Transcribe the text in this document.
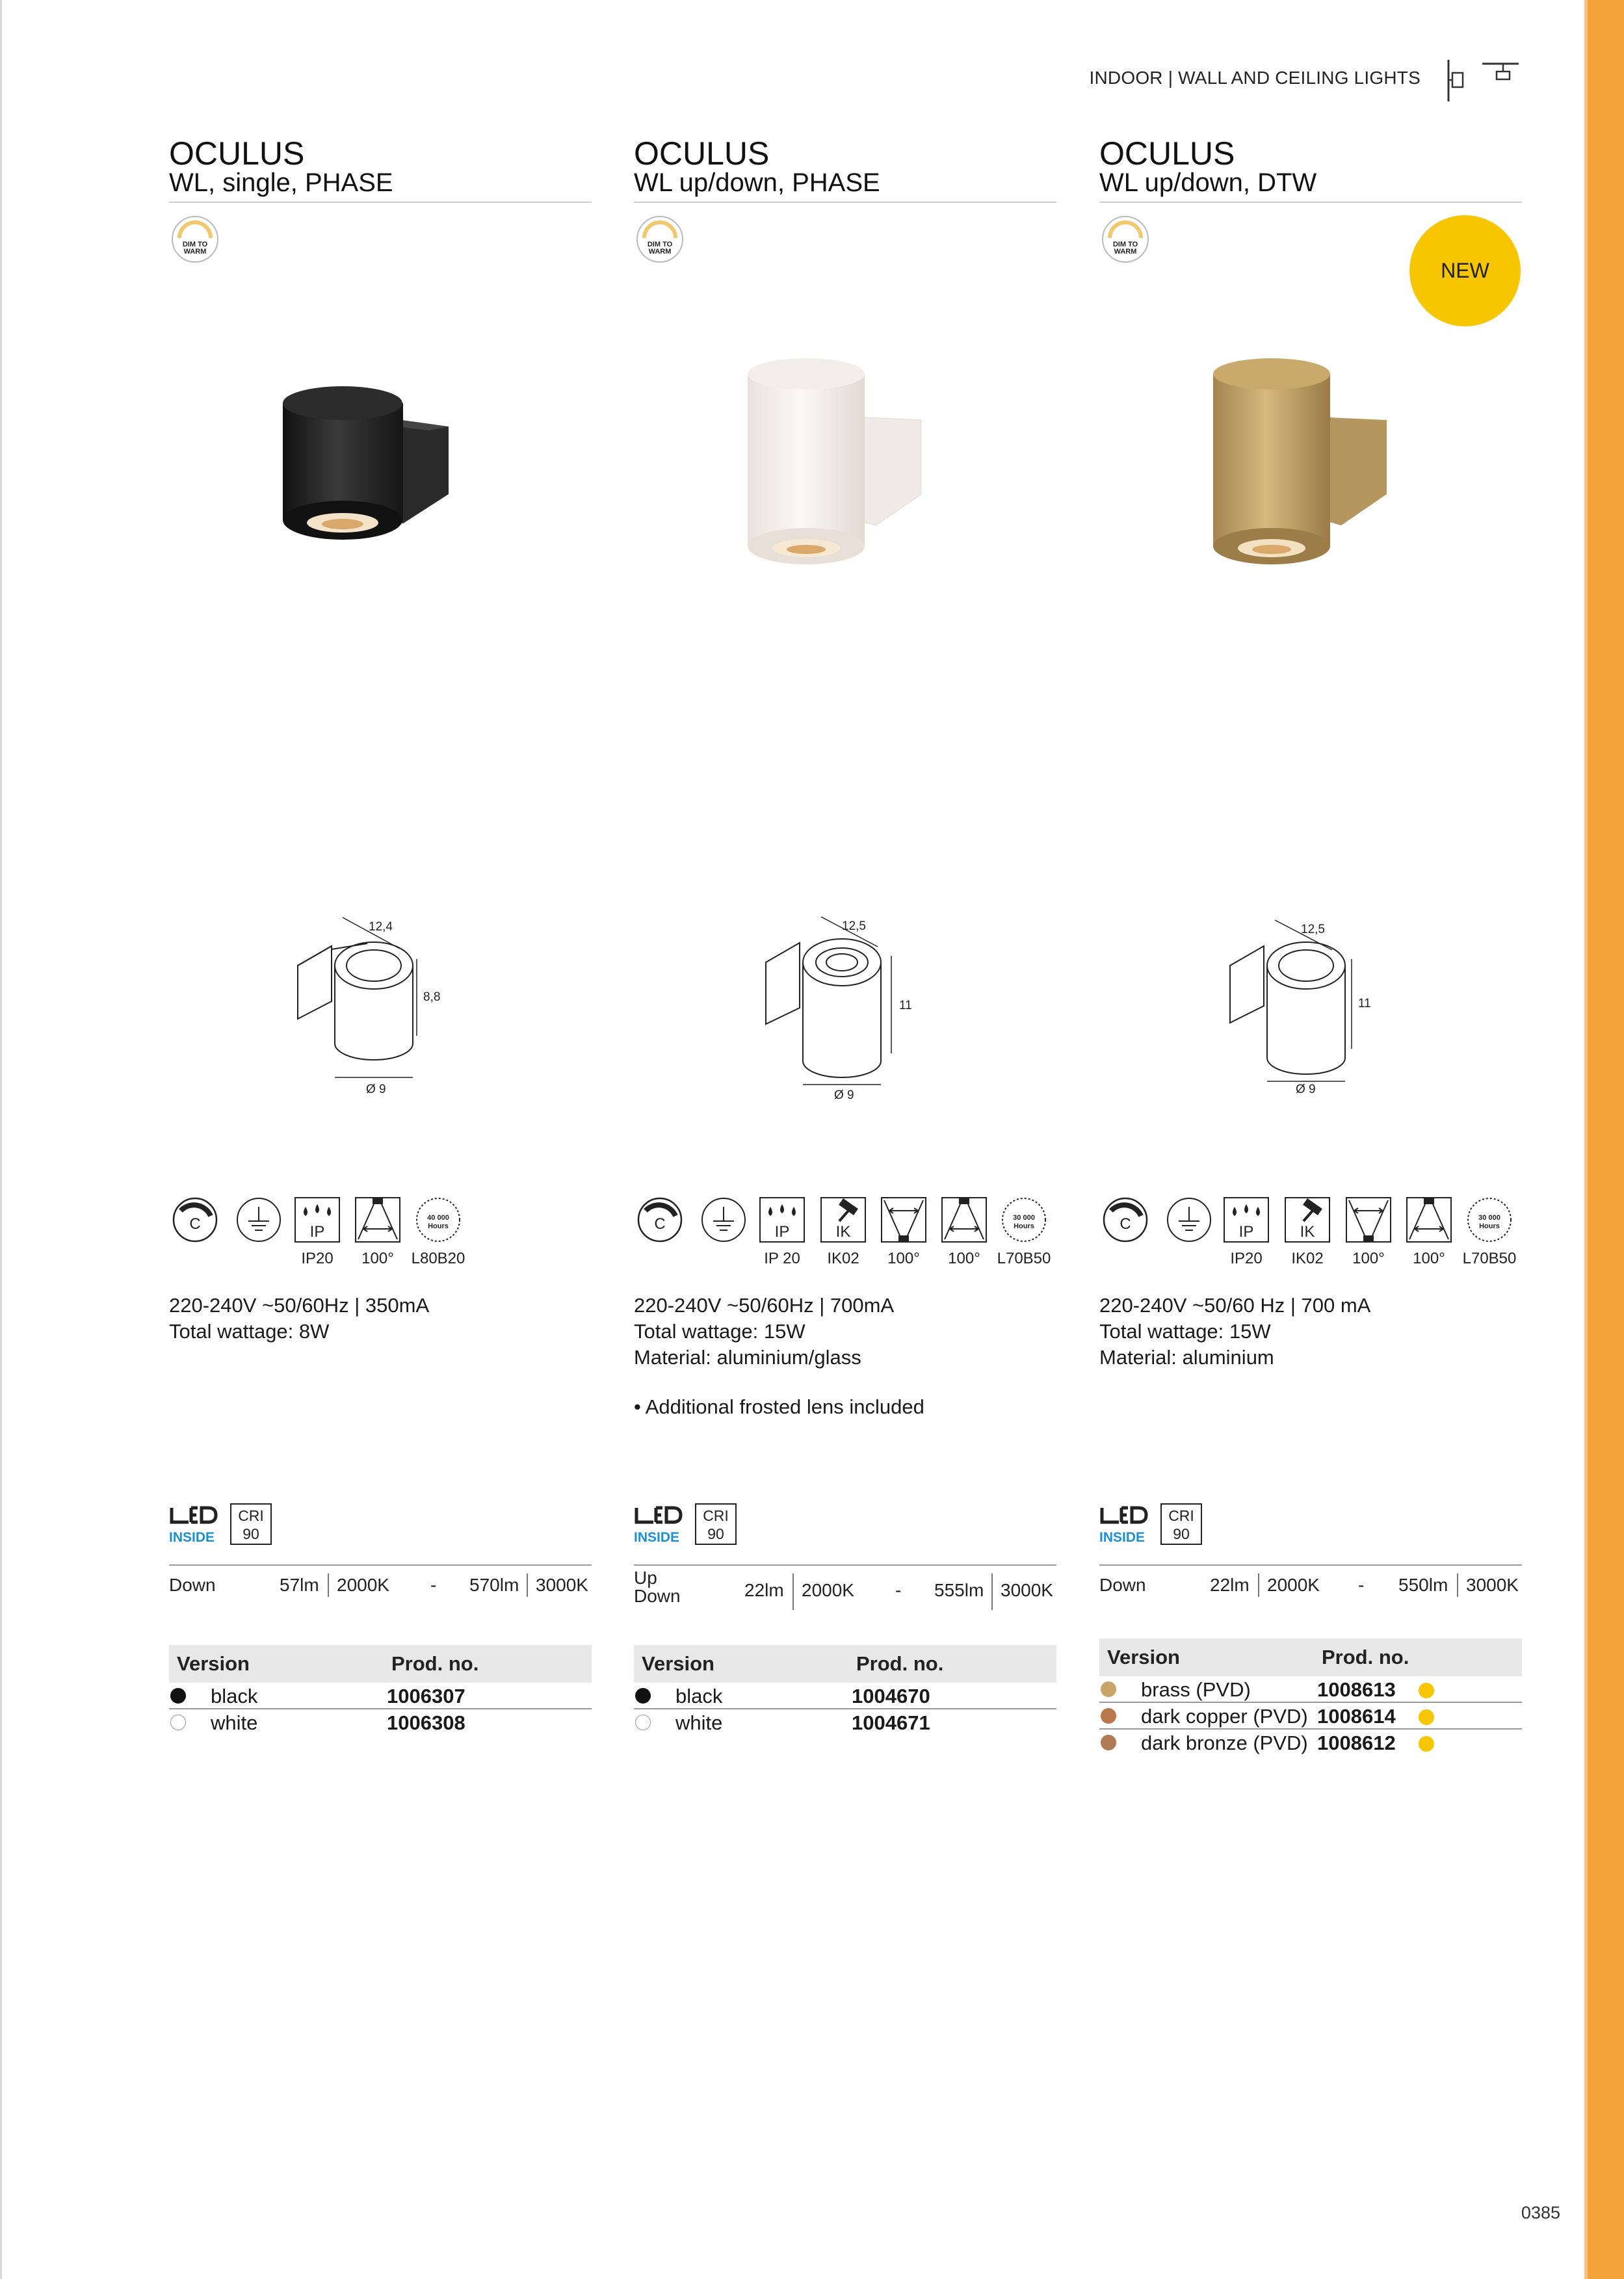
INDOOR | WALL AND CEILING LIGHTS
OCULUS
WL, single, PHASE
DIM TO
WARM
12,4
8,8
Ø 9
C	IP
IP20	100°
40 000
Hours
L80B20
220-240V ~50/60Hz | 350mA
Total wattage: 8W
INSIDE
CRI
90
Down	57lm 2000K - 570lm 3000K
Version	Prod. no.
black	1006307
white	1006308
OCULUS
WL up/down, PHASE
DIM TO
WARM
12,5
11
Ø 9
C	IP
IP 20
IK
IK02	100°	100°
30 000
Hours
L70B50
220-240V ~50/60Hz | 700mA
Total wattage: 15W
Material: aluminium/glass
• Additional frosted lens included
INSIDE
CRI
90
Up
Down	22lm 2000K - 555lm 3000K
Version	Prod. no.
black	1004670
white	1004671
OCULUS
WL up/down, DTW
DIM TO
WARM
NEW
12,5
11
Ø 9
C	IP
IP20
IK
IK02	100°	100°
30 000
Hours
L70B50
220-240V ~50/60 Hz | 700 mA
Total wattage: 15W
Material: aluminium
INSIDE
CRI
90
Down	22lm 2000K - 550lm 3000K
Version	Prod. no.
brass (PVD)	1008613
dark copper (PVD) 1008614
dark bronze (PVD) 1008612
0385
